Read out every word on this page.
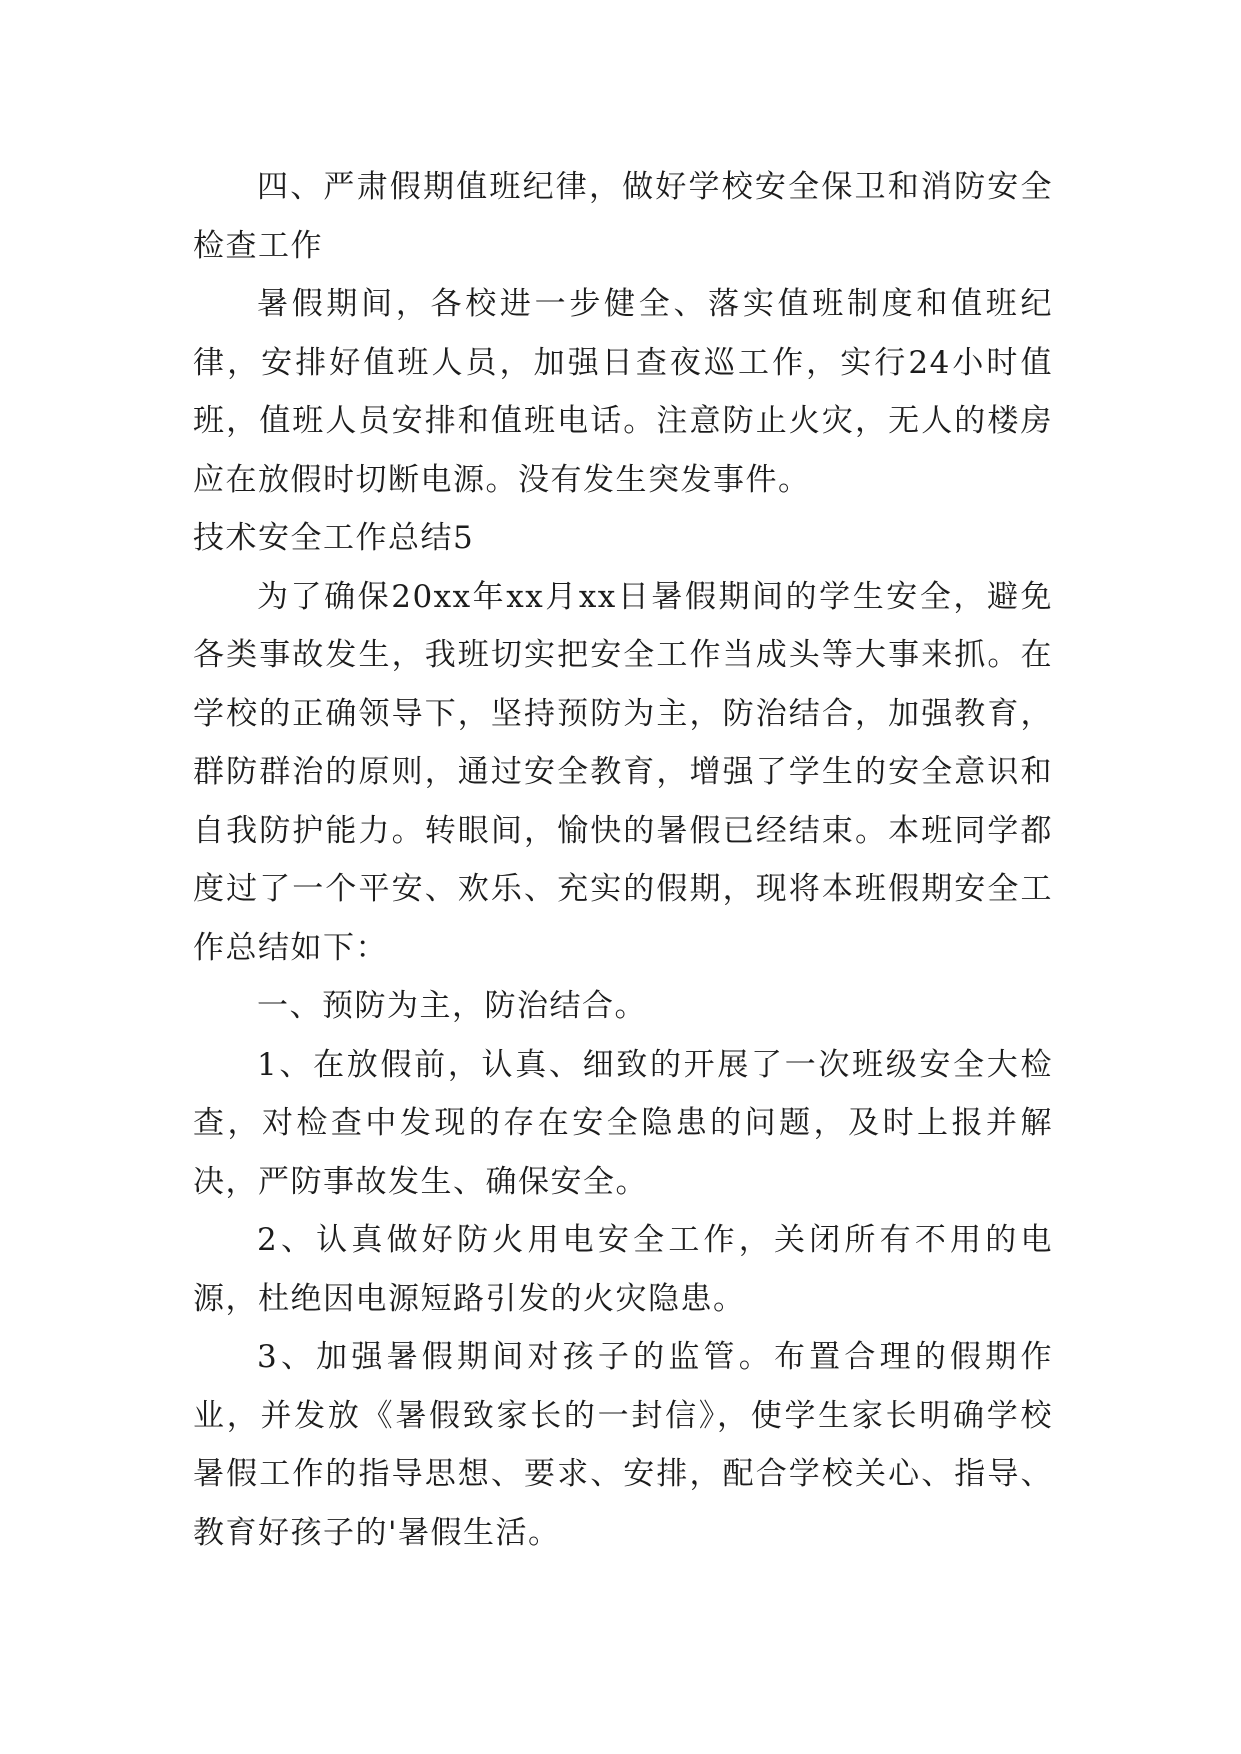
四、严肃假期值班纪律，做好学校安全保卫和消防安全检查工作

暑假期间，各校进一步健全、落实值班制度和值班纪律，安排好值班人员，加强日查夜巡工作，实行24小时值班，值班人员安排和值班电话。注意防止火灾，无人的楼房应在放假时切断电源。没有发生突发事件。

技术安全工作总结5

为了确保20xx年xx月xx日暑假期间的学生安全，避免各类事故发生，我班切实把安全工作当成头等大事来抓。在学校的正确领导下，坚持预防为主，防治结合，加强教育，群防群治的原则，通过安全教育，增强了学生的安全意识和自我防护能力。转眼间，愉快的暑假已经结束。本班同学都度过了一个平安、欢乐、充实的假期，现将本班假期安全工作总结如下：

一、预防为主，防治结合。

1、在放假前，认真、细致的开展了一次班级安全大检查，对检查中发现的存在安全隐患的问题，及时上报并解决，严防事故发生、确保安全。

2、认真做好防火用电安全工作，关闭所有不用的电源，杜绝因电源短路引发的火灾隐患。

3、加强暑假期间对孩子的监管。布置合理的假期作业，并发放《暑假致家长的一封信》，使学生家长明确学校暑假工作的指导思想、要求、安排，配合学校关心、指导、教育好孩子的'暑假生活。
